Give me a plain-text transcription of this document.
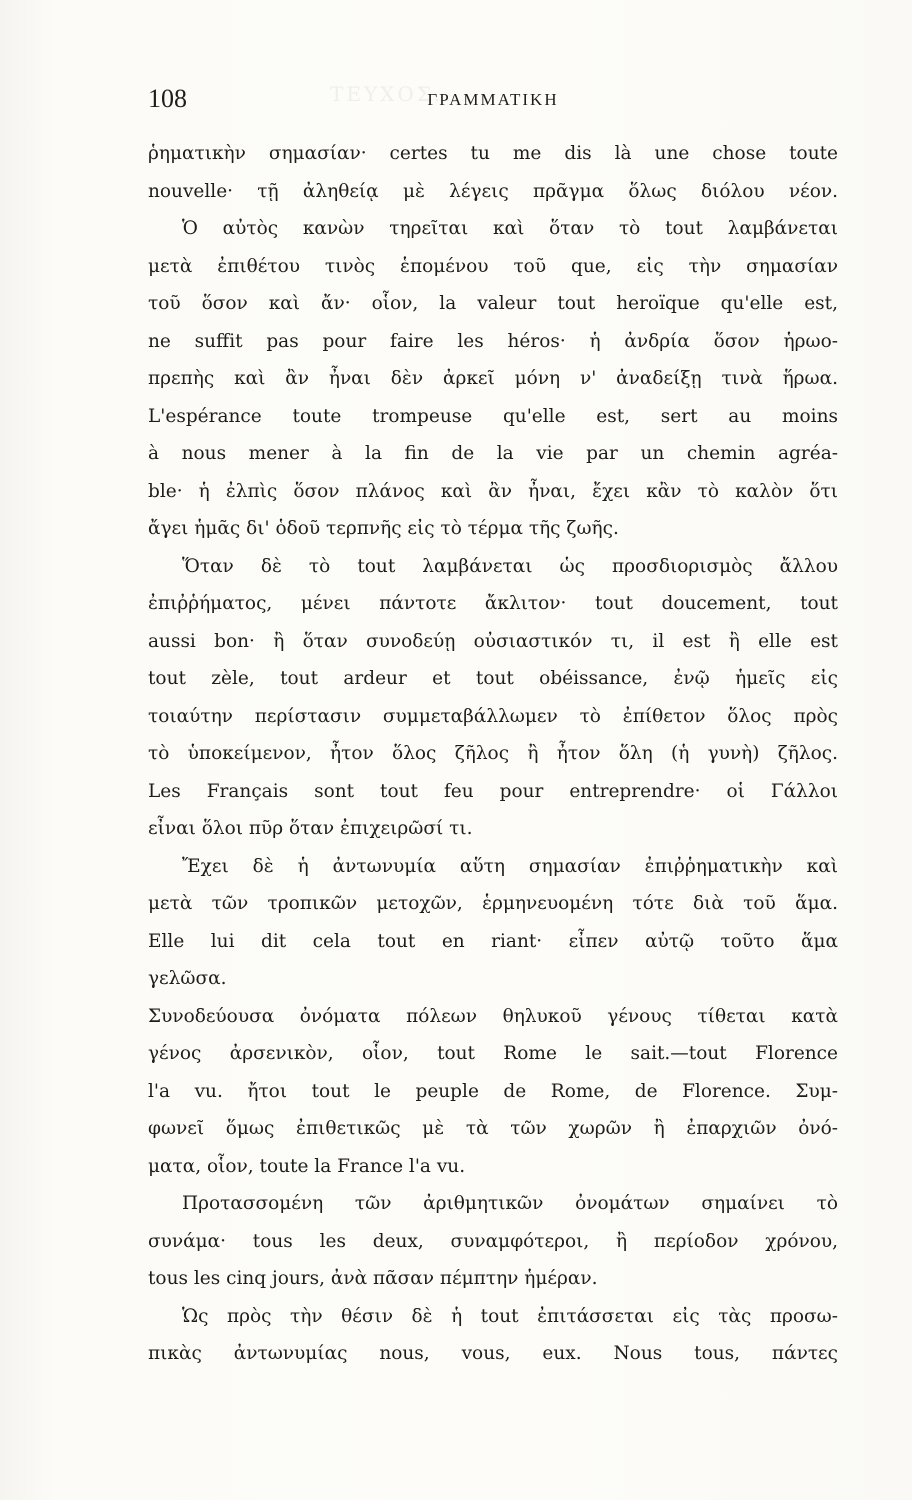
ΤΕΥΧΟΣ...
108	ΓΡΑΜΜΑΤΙΚΗ
ῥηματικὴν σημασίαν· certes tu me dis là une chose toute
nouvelle· τῇ ἀληθείᾳ μὲ λέγεις πρᾶγμα ὅλως διόλου νέον.
Ὁ αὐτὸς κανὼν τηρεῖται καὶ ὅταν τὸ tout λαμβάνεται
μετὰ ἐπιθέτου τινὸς ἑπομένου τοῦ que, εἰς τὴν σημασίαν
τοῦ ὅσον καὶ ἄν· οἷον, la valeur tout heroïque qu'elle est,
ne suffit pas pour faire les héros· ἡ ἀνδρία ὅσον ἡρωο-
πρεπὴς καὶ ἂν ἦναι δὲν ἀρκεῖ μόνη ν' ἀναδείξῃ τινὰ ἥρωα.
L'espérance toute trompeuse qu'elle est, sert au moins
à nous mener à la fin de la vie par un chemin agréa-
ble· ἡ ἐλπὶς ὅσον πλάνος καὶ ἂν ἦναι, ἔχει κἂν τὸ καλὸν ὅτι
ἄγει ἡμᾶς δι' ὁδοῦ τερπνῆς εἰς τὸ τέρμα τῆς ζωῆς.
Ὅταν δὲ τὸ tout λαμβάνεται ὡς προσδιορισμὸς ἄλλου
ἐπιῤῥήματος, μένει πάντοτε ἄκλιτον· tout doucement, tout
aussi bon· ἢ ὅταν συνοδεύῃ οὐσιαστικόν τι, il est ἢ elle est
tout zèle, tout ardeur et tout obéissance, ἐνῷ ἡμεῖς εἰς
τοιαύτην περίστασιν συμμεταβάλλωμεν τὸ ἐπίθετον ὅλος πρὸς
τὸ ὑποκείμενον, ἦτον ὅλος ζῆλος ἢ ἦτον ὅλη (ἡ γυνὴ) ζῆλος.
Les Français sont tout feu pour entreprendre· οἱ Γάλλοι
εἶναι ὅλοι πῦρ ὅταν ἐπιχειρῶσί τι.
Ἔχει δὲ ἡ ἀντωνυμία αὕτη σημασίαν ἐπιῤῥηματικὴν καὶ
μετὰ τῶν τροπικῶν μετοχῶν, ἑρμηνευομένη τότε διὰ τοῦ ἅμα.
Elle lui dit cela tout en riant· εἶπεν αὐτῷ τοῦτο ἅμα
γελῶσα.
Συνοδεύουσα ὀνόματα πόλεων θηλυκοῦ γένους τίθεται κατὰ
γένος ἀρσενικὸν, οἷον, tout Rome le sait.—tout Florence
l'a vu. ἤτοι tout le peuple de Rome, de Florence. Συμ-
φωνεῖ ὅμως ἐπιθετικῶς μὲ τὰ τῶν χωρῶν ἢ ἐπαρχιῶν ὀνό-
ματα, οἷον, toute la France l'a vu.
Προτασσομένη τῶν ἀριθμητικῶν ὀνομάτων σημαίνει τὸ
συνάμα· tous les deux, συναμφότεροι, ἢ περίοδον χρόνου,
tous les cinq jours, ἀνὰ πᾶσαν πέμπτην ἡμέραν.
Ὡς πρὸς τὴν θέσιν δὲ ἡ tout ἐπιτάσσεται εἰς τὰς προσω-
πικὰς ἀντωνυμίας nous, vous, eux. Nous tous, πάντες
